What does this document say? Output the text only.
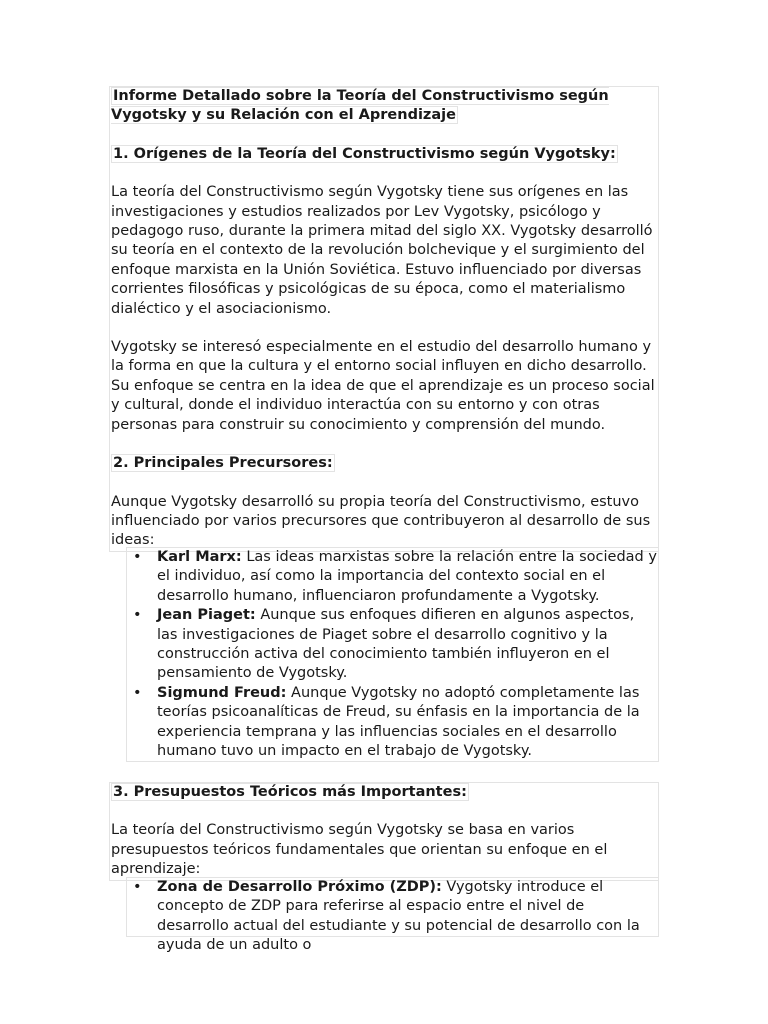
Informe Detallado sobre la Teoría del Constructivismo según Vygotsky y su Relación con el Aprendizaje

1. Orígenes de la Teoría del Constructivismo según Vygotsky:

La teoría del Constructivismo según Vygotsky tiene sus orígenes en las investigaciones y estudios realizados por Lev Vygotsky, psicólogo y pedagogo ruso, durante la primera mitad del siglo XX. Vygotsky desarrolló su teoría en el contexto de la revolución bolchevique y el surgimiento del enfoque marxista en la Unión Soviética. Estuvo influenciado por diversas corrientes filosóficas y psicológicas de su época, como el materialismo dialéctico y el asociacionismo.

Vygotsky se interesó especialmente en el estudio del desarrollo humano y la forma en que la cultura y el entorno social influyen en dicho desarrollo. Su enfoque se centra en la idea de que el aprendizaje es un proceso social y cultural, donde el individuo interactúa con su entorno y con otras personas para construir su conocimiento y comprensión del mundo.

2. Principales Precursores:

Aunque Vygotsky desarrolló su propia teoría del Constructivismo, estuvo influenciado por varios precursores que contribuyeron al desarrollo de sus ideas:

• Karl Marx: Las ideas marxistas sobre la relación entre la sociedad y el individuo, así como la importancia del contexto social en el desarrollo humano, influenciaron profundamente a Vygotsky.
• Jean Piaget: Aunque sus enfoques difieren en algunos aspectos, las investigaciones de Piaget sobre el desarrollo cognitivo y la construcción activa del conocimiento también influyeron en el pensamiento de Vygotsky.
• Sigmund Freud: Aunque Vygotsky no adoptó completamente las teorías psicoanalíticas de Freud, su énfasis en la importancia de la experiencia temprana y las influencias sociales en el desarrollo humano tuvo un impacto en el trabajo de Vygotsky.

3. Presupuestos Teóricos más Importantes:

La teoría del Constructivismo según Vygotsky se basa en varios presupuestos teóricos fundamentales que orientan su enfoque en el aprendizaje:

• Zona de Desarrollo Próximo (ZDP): Vygotsky introduce el concepto de ZDP para referirse al espacio entre el nivel de desarrollo actual del estudiante y su potencial de desarrollo con la ayuda de un adulto o
